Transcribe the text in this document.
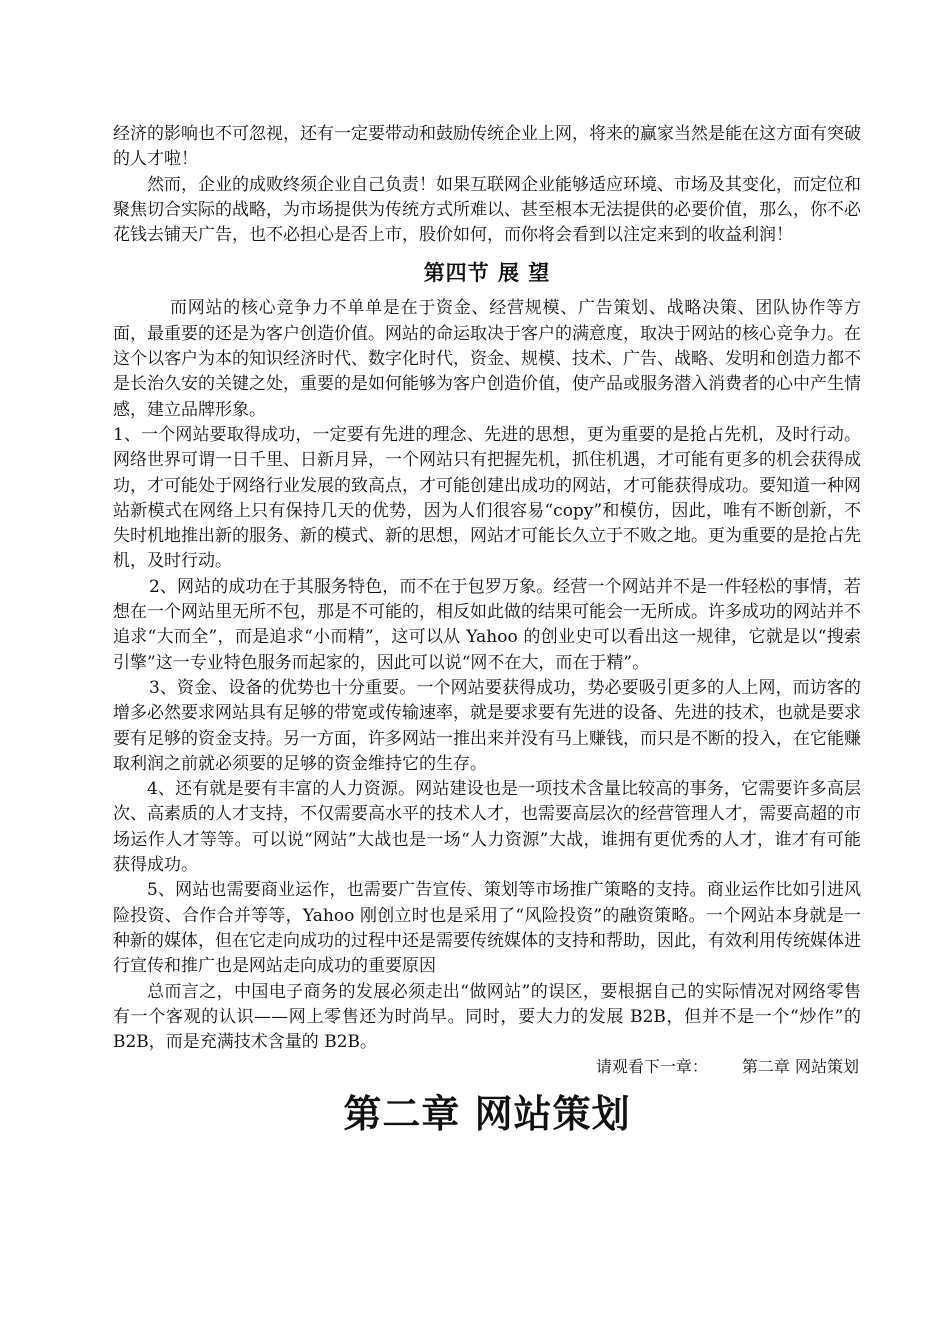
经济的影响也不可忽视，还有一定要带动和鼓励传统企业上网，将来的赢家当然是能在这方面有突破的人才啦！

然而，企业的成败终须企业自己负责！如果互联网企业能够适应环境、市场及其变化，而定位和聚焦切合实际的战略，为市场提供为传统方式所难以、甚至根本无法提供的必要价值，那么，你不必花钱去铺天广告，也不必担心是否上市，股价如何，而你将会看到以注定来到的收益利润！

第四节 展 望

而网站的核心竞争力不单单是在于资金、经营规模、广告策划、战略决策、团队协作等方面，最重要的还是为客户创造价值。网站的命运取决于客户的满意度，取决于网站的核心竞争力。在这个以客户为本的知识经济时代、数字化时代，资金、规模、技术、广告、战略、发明和创造力都不是长治久安的关键之处，重要的是如何能够为客户创造价值，使产品或服务潜入消费者的心中产生情感，建立品牌形象。

1、一个网站要取得成功，一定要有先进的理念、先进的思想，更为重要的是抢占先机，及时行动。网络世界可谓一日千里、日新月异，一个网站只有把握先机，抓住机遇，才可能有更多的机会获得成功，才可能处于网络行业发展的致高点，才可能创建出成功的网站，才可能获得成功。要知道一种网站新模式在网络上只有保持几天的优势，因为人们很容易“copy”和模仿，因此，唯有不断创新，不失时机地推出新的服务、新的模式、新的思想，网站才可能长久立于不败之地。更为重要的是抢占先机，及时行动。

2、网站的成功在于其服务特色，而不在于包罗万象。经营一个网站并不是一件轻松的事情，若想在一个网站里无所不包，那是不可能的，相反如此做的结果可能会一无所成。许多成功的网站并不追求“大而全”，而是追求“小而精”，这可以从 Yahoo 的创业史可以看出这一规律，它就是以“搜索引擎”这一专业特色服务而起家的，因此可以说“网不在大，而在于精”。

3、资金、设备的优势也十分重要。一个网站要获得成功，势必要吸引更多的人上网，而访客的增多必然要求网站具有足够的带宽或传输速率，就是要求要有先进的设备、先进的技术，也就是要求要有足够的资金支持。另一方面，许多网站一推出来并没有马上赚钱，而只是不断的投入，在它能赚取利润之前就必须要的足够的资金维持它的生存。

4、还有就是要有丰富的人力资源。网站建设也是一项技术含量比较高的事务，它需要许多高层次、高素质的人才支持，不仅需要高水平的技术人才，也需要高层次的经营管理人才，需要高超的市场运作人才等等。可以说“网站”大战也是一场“人力资源”大战，谁拥有更优秀的人才，谁才有可能获得成功。

5、网站也需要商业运作，也需要广告宣传、策划等市场推广策略的支持。商业运作比如引进风险投资、合作合并等等，Yahoo 刚创立时也是采用了“风险投资”的融资策略。一个网站本身就是一种新的媒体，但在它走向成功的过程中还是需要传统媒体的支持和帮助，因此，有效利用传统媒体进行宣传和推广也是网站走向成功的重要原因

总而言之，中国电子商务的发展必须走出“做网站”的误区，要根据自己的实际情况对网络零售有一个客观的认识——网上零售还为时尚早。同时，要大力的发展 B2B，但并不是一个“炒作”的 B2B，而是充满技术含量的 B2B。

请观看下一章： 第二章 网站策划

第二章 网站策划
